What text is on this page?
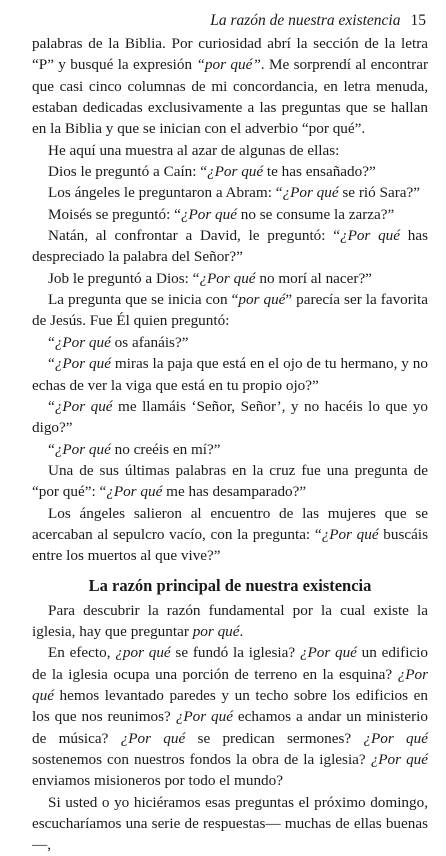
La razón de nuestra existencia 15

palabras de la Biblia. Por curiosidad abrí la sección de la letra “P” y busqué la expresión “por qué”. Me sorprendí al encontrar que casi cinco columnas de mi concordancia, en letra menuda, estaban dedicadas exclusivamente a las preguntas que se hallan en la Biblia y que se inician con el adverbio “por qué”.

He aquí una muestra al azar de algunas de ellas:

Dios le preguntó a Caín: “¿Por qué te has ensañado?”

Los ángeles le preguntaron a Abram: “¿Por qué se rió Sara?”

Moisés se preguntó: “¿Por qué no se consume la zarza?”

Natán, al confrontar a David, le preguntó: “¿Por qué has despreciado la palabra del Señor?”

Job le preguntó a Dios: “¿Por qué no morí al nacer?”

La pregunta que se inicia con “por qué” parecía ser la favorita de Jesús. Fue Él quien preguntó:

“¿Por qué os afanáis?”

“¿Por qué miras la paja que está en el ojo de tu hermano, y no echas de ver la viga que está en tu propio ojo?”

“¿Por qué me llamáis ‘Señor, Señor’, y no hacéis lo que yo digo?”

“¿Por qué no creéis en mí?”

Una de sus últimas palabras en la cruz fue una pregunta de “por qué”: “¿Por qué me has desamparado?”

Los ángeles salieron al encuentro de las mujeres que se acercaban al sepulcro vacío, con la pregunta: “¿Por qué buscáis entre los muertos al que vive?”

La razón principal de nuestra existencia

Para descubrir la razón fundamental por la cual existe la iglesia, hay que preguntar por qué.

En efecto, ¿por qué se fundó la iglesia? ¿Por qué un edificio de la iglesia ocupa una porción de terreno en la esquina? ¿Por qué hemos levantado paredes y un techo sobre los edificios en los que nos reunimos? ¿Por qué echamos a andar un ministerio de música? ¿Por qué se predican sermones? ¿Por qué sostenemos con nuestros fondos la obra de la iglesia? ¿Por qué enviamos misioneros por todo el mundo?

Si usted o yo hiciéramos esas preguntas el próximo domingo, escucharíamos una serie de respuestas— muchas de ellas buenas —,
